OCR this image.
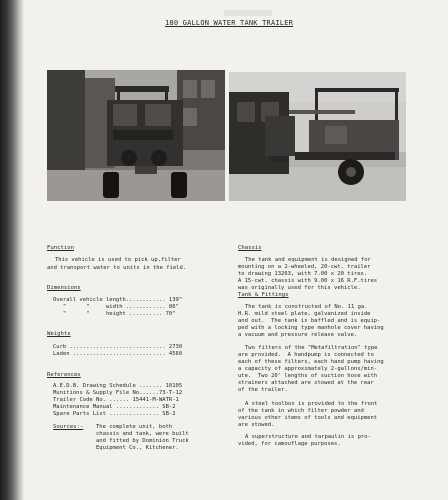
180 GALLON WATER TANK TRAILER
Function
This vehicle is used to pick up,filter
and transport water to units in the field.
Dimensions
Overall vehicle length............ 139"
"      "     width ............ 86"
"      "     height .......... 70"
Weights
Curb ............................. 2730
Laden ............................ 4560
References
A.E.D.B. Drawing Schedule ....... 10105
Munitions & Supply File No......73-T-12
Trailer Code No. ...... 15441-M-WATR-1
Maintenance Manual ............. SB-2
Spare Parts List ............... SB-2
Sources:- The complete unit, both
chassis and tank, were built
and fitted by Dominion Truck
Equipment Co., Kitchener.
Chassis
The tank and equipment is designed for
mounting on a 2-wheeled, 20-cwt. trailer
to drawing 13263, with 7.00 x 20 tires.
A 15-cwt. chassis with 9.00 x 16 R.F.tires
was originally used for this vehicle.
Tank & Fittings
The tank is constructed of No. 11 ga.
H.R. mild steel plate, galvanized inside
and out.  The tank is baffled and is equip-
ped with a locking type manhole cover having
a vacuum and pressure release valve.
Two filters of the "Metafiltration" type
are provided.  A handpump is connected to
each of these filters, each hand pump having
a capacity of approximately 2-gallons/min-
ute.  Two 20' lengths of suction hose with
strainers attached are stowed at the rear
of the trailer.
A steel toolbox is provided to the front
of the tank in which filter powder and
various other items of tools and equipment
are stowed.
A superstructure and tarpaulin is pro-
vided, for camouflage purposes.
